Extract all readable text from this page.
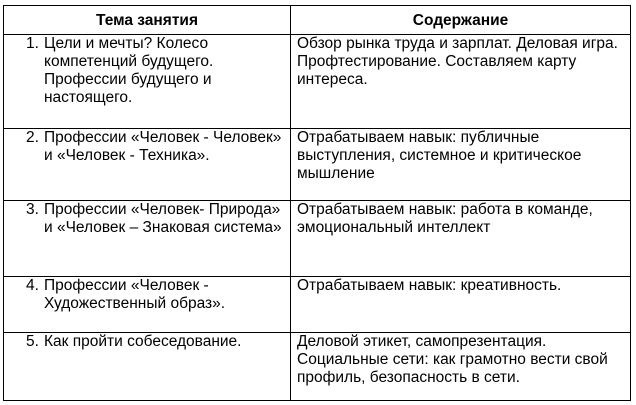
Тема занятия	Содержание

1. Цели и мечты? Колесо компетенций будущего. Профессии будущего и настоящего.	Обзор рынка труда и зарплат. Деловая игра. Профтестирование. Составляем карту интереса.

2. Профессии «Человек - Человек» и «Человек - Техника».	Отрабатываем навык: публичные выступления, системное и критическое мышление

3. Профессии «Человек- Природа» и «Человек – Знаковая система»	Отрабатываем навык: работа в команде, эмоциональный интеллект

4. Профессии «Человек - Художественный образ».	Отрабатываем навык: креативность.

5. Как пройти собеседование.	Деловой этикет, самопрезентация. Социальные сети: как грамотно вести свой профиль, безопасность в сети.
